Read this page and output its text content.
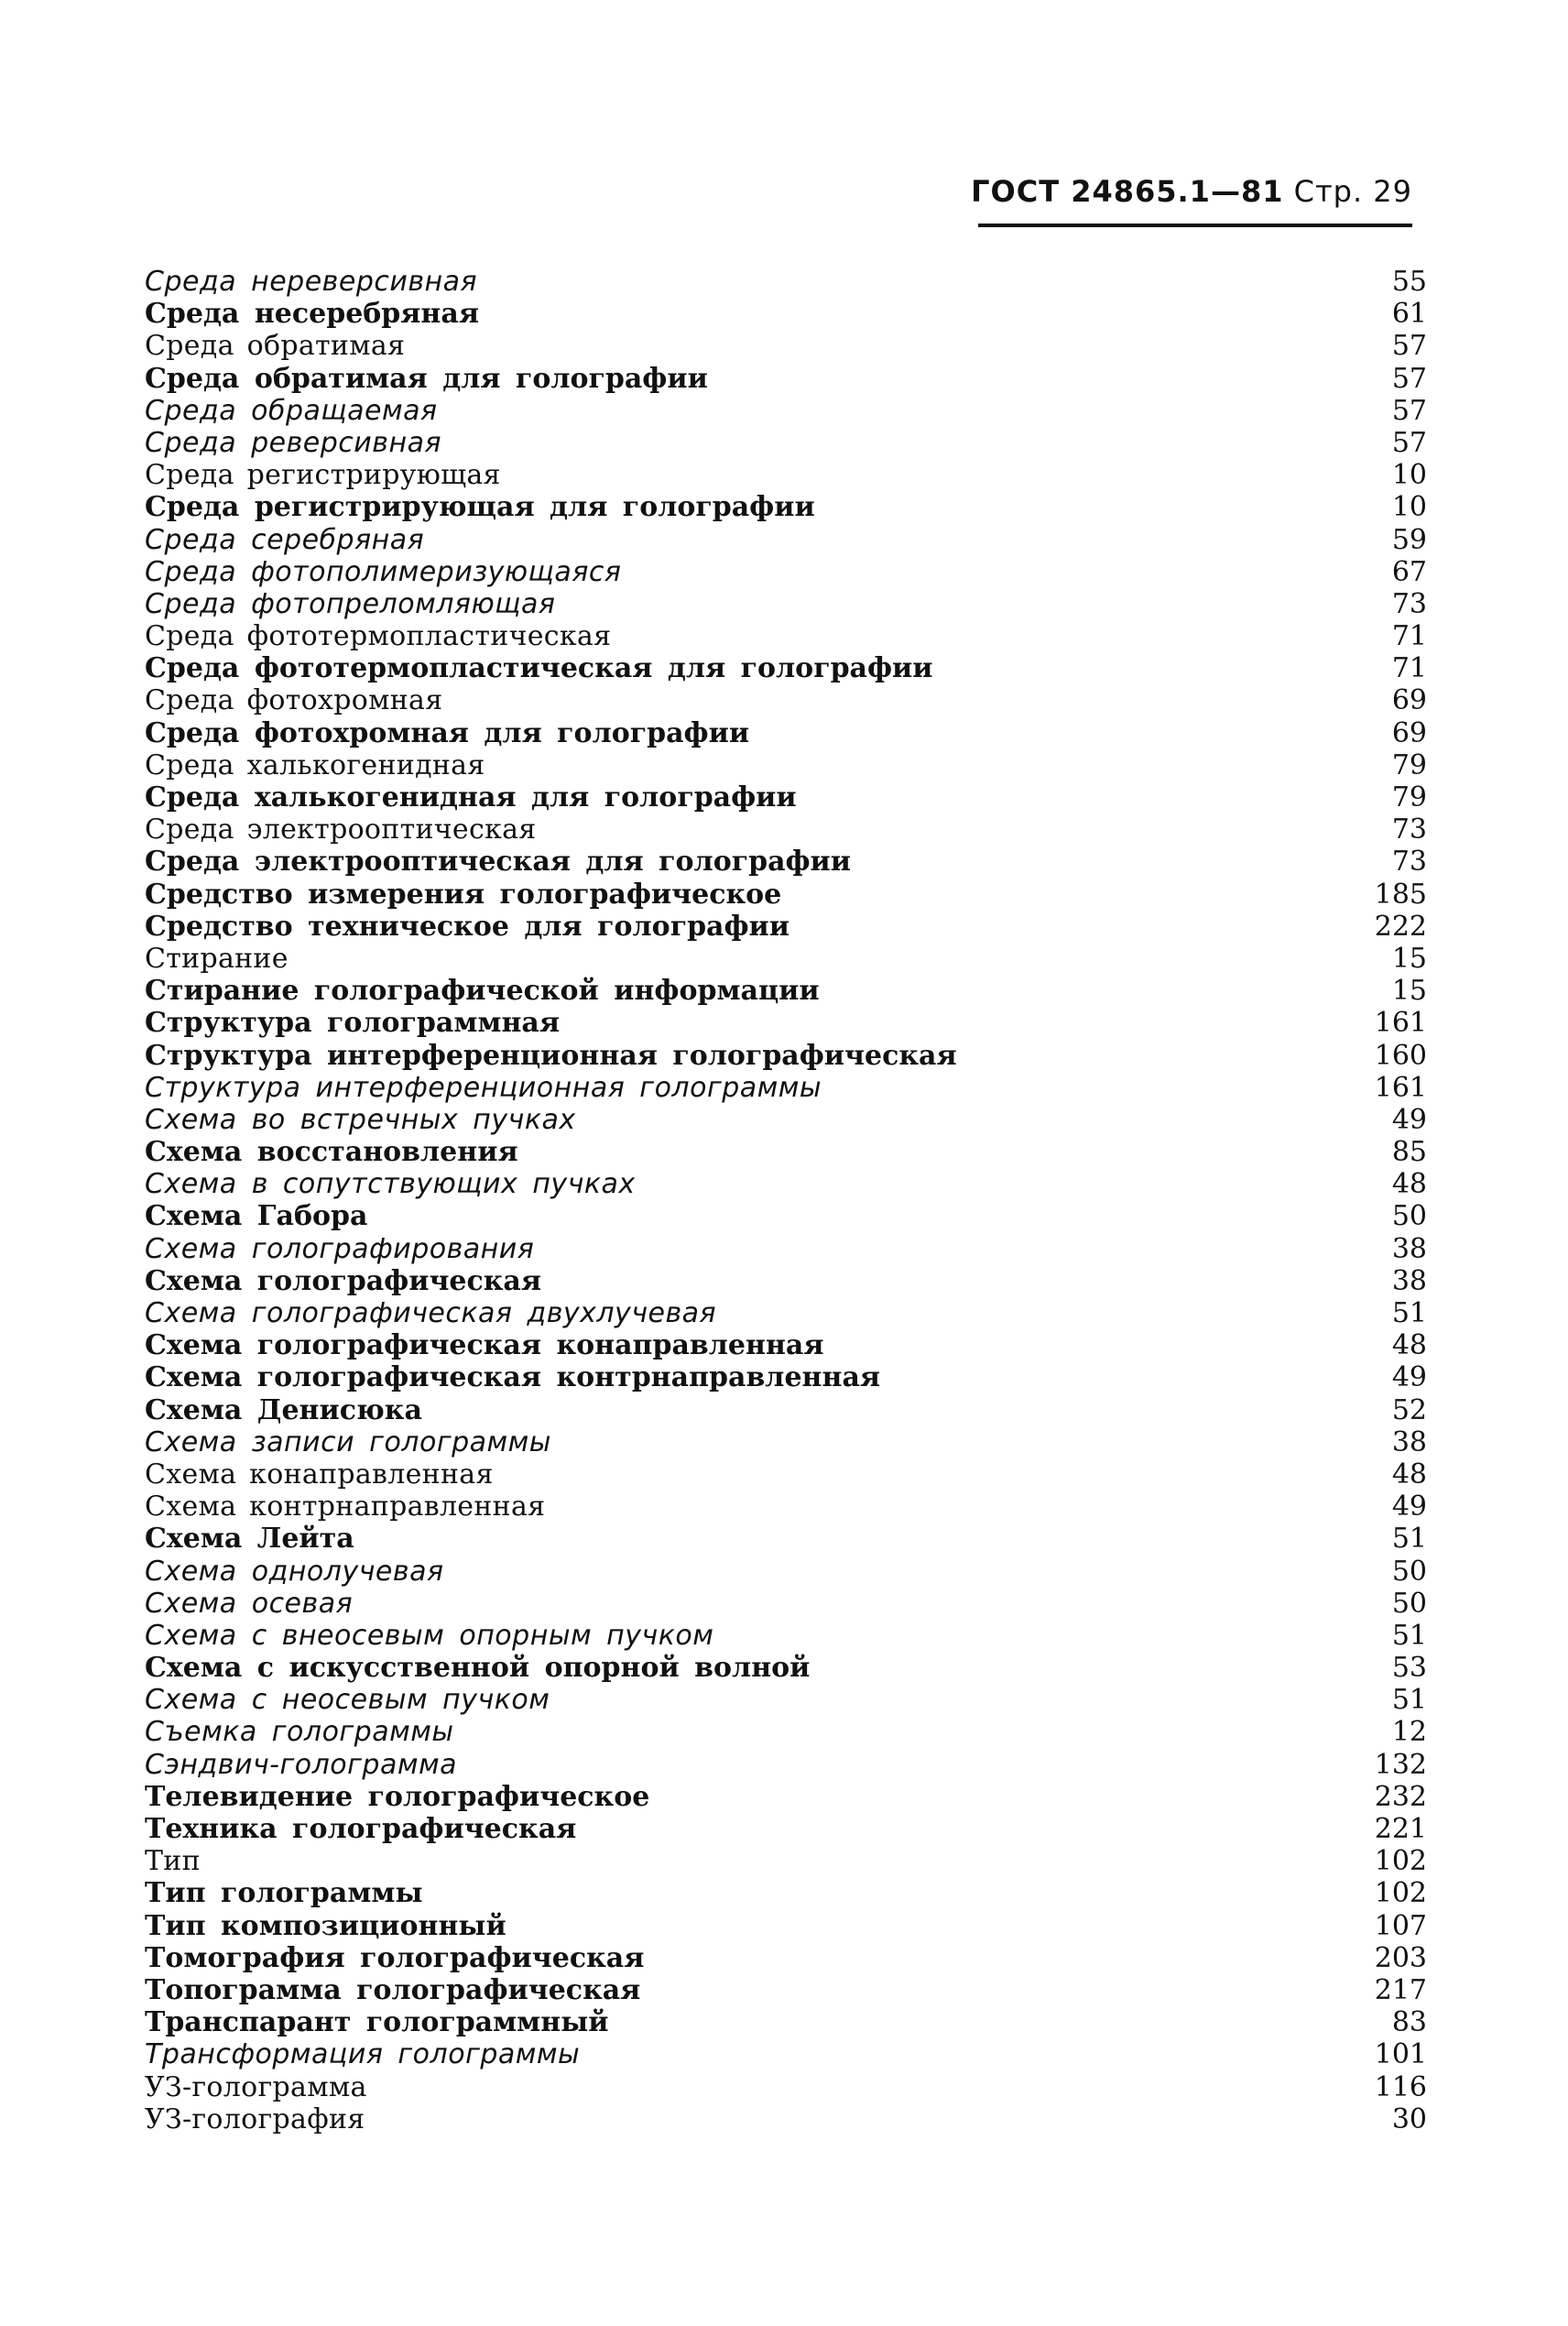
ГОСТ 24865.1—81 Стр. 29
Среда нереверсивная	55
Среда несеребряная	61
Среда обратимая	57
Среда обратимая для голографии	57
Среда обращаемая	57
Среда реверсивная	57
Среда регистрирующая	10
Среда регистрирующая для голографии	10
Среда серебряная	59
Среда фотополимеризующаяся	67
Среда фотопреломляющая	73
Среда фототермопластическая	71
Среда фототермопластическая для голографии	71
Среда фотохромная	69
Среда фотохромная для голографии	69
Среда халькогенидная	79
Среда халькогенидная для голографии	79
Среда электрооптическая	73
Среда электрооптическая для голографии	73
Средство измерения голографическое	185
Средство техническое для голографии	222
Стирание	15
Стирание голографической информации	15
Структура голограммная	161
Структура интерференционная голографическая	160
Структура интерференционная голограммы	161
Схема во встречных пучках	49
Схема восстановления	85
Схема в сопутствующих пучках	48
Схема Габора	50
Схема голографирования	38
Схема голографическая	38
Схема голографическая двухлучевая	51
Схема голографическая конаправленная	48
Схема голографическая контрнаправленная	49
Схема Денисюка	52
Схема записи голограммы	38
Схема конаправленная	48
Схема контрнаправленная	49
Схема Лейта	51
Схема однолучевая	50
Схема осевая	50
Схема с внеосевым опорным пучком	51
Схема с искусственной опорной волной	53
Схема с неосевым пучком	51
Съемка голограммы	12
Сэндвич-голограмма	132
Телевидение голографическое	232
Техника голографическая	221
Тип	102
Тип голограммы	102
Тип композиционный	107
Томография голографическая	203
Топограмма голографическая	217
Транспарант голограммный	83
Трансформация голограммы	101
УЗ-голограмма	116
УЗ-голография	30
